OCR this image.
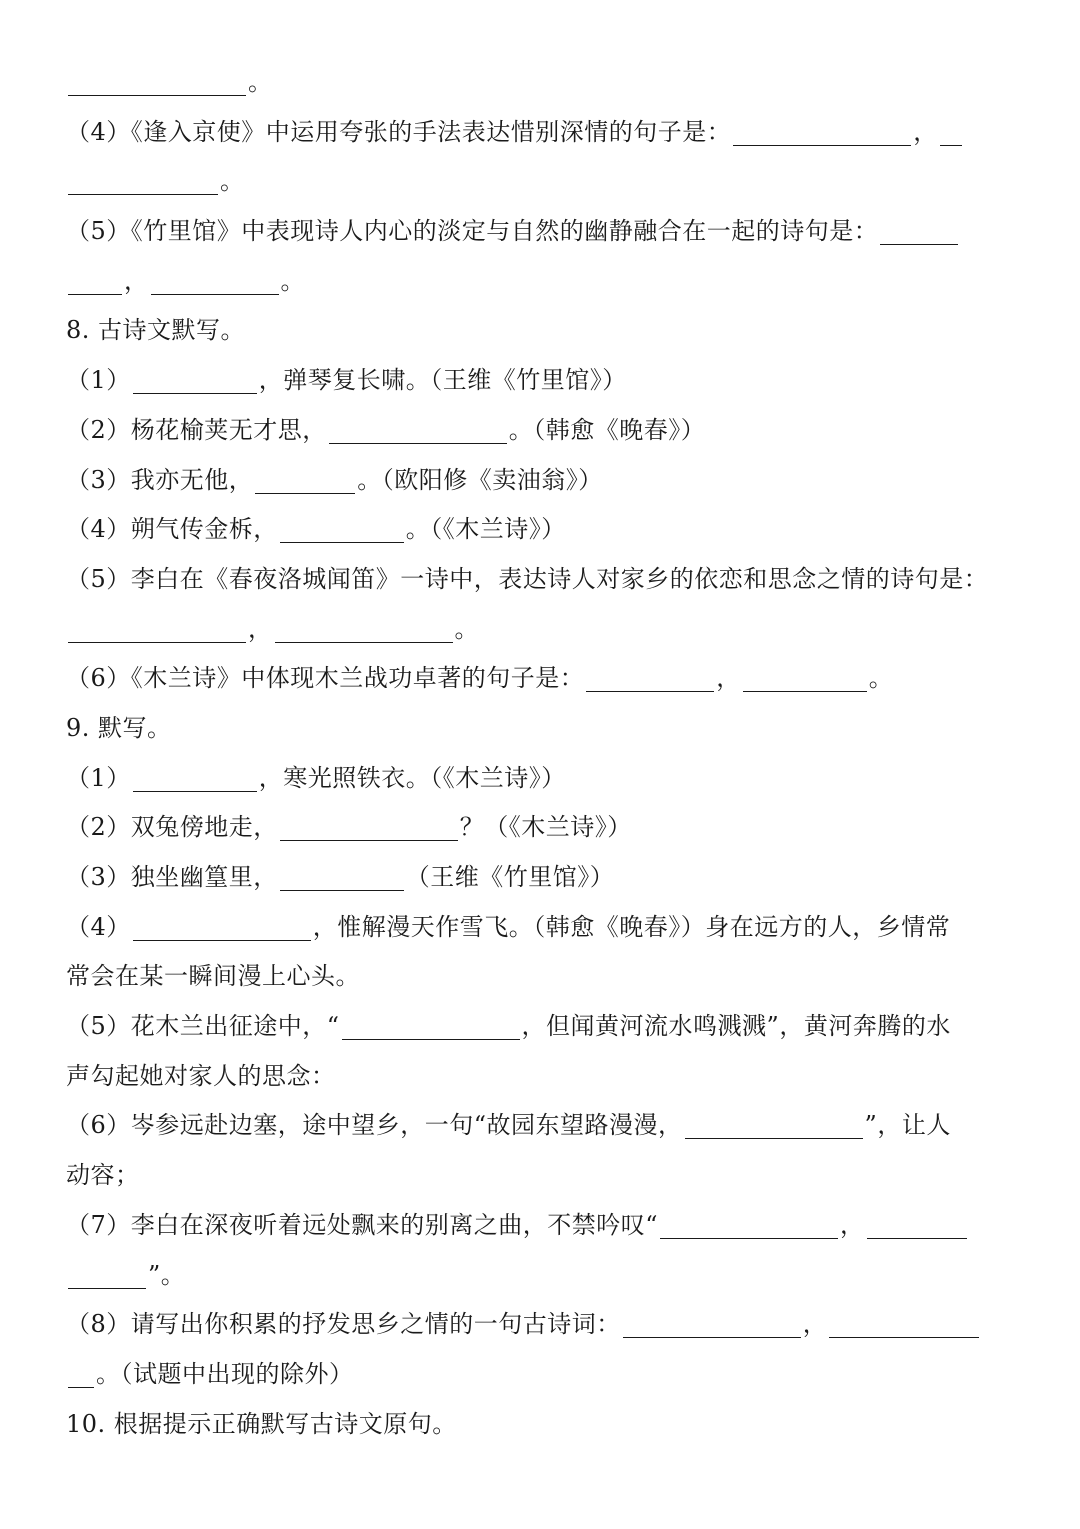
。
（4）《逢入京使》中运用夸张的手法表达惜别深情的句子是：	，
。
（5）《竹里馆》中表现诗人内心的淡定与自然的幽静融合在一起的诗句是：
，	。
8. 古诗文默写。
（1）	，弹琴复长啸。（王维《竹里馆》）
（2）杨花榆荚无才思，	。（韩愈《晚春》）
（3）我亦无他，	。（欧阳修《卖油翁》）
（4）朔气传金柝，	。（《木兰诗》）
（5）李白在《春夜洛城闻笛》一诗中，表达诗人对家乡的依恋和思念之情的诗句是：
，	。
（6）《木兰诗》中体现木兰战功卓著的句子是：	，	。
9. 默写。
（1）	，寒光照铁衣。（《木兰诗》）
（2）双兔傍地走，	？（《木兰诗》）
（3）独坐幽篁里，	（王维《竹里馆》）
（4）	，惟解漫天作雪飞。（韩愈《晚春》）身在远方的人，乡情常
常会在某一瞬间漫上心头。
（5）花木兰出征途中，“	，但闻黄河流水鸣溅溅”，黄河奔腾的水
声勾起她对家人的思念：
（6）岑参远赴边塞，途中望乡，一句“故园东望路漫漫，	”，让人
动容；
（7）李白在深夜听着远处飘来的别离之曲，不禁吟叹“	，
”。
（8）请写出你积累的抒发思乡之情的一句古诗词：	，
。（试题中出现的除外）
10. 根据提示正确默写古诗文原句。
